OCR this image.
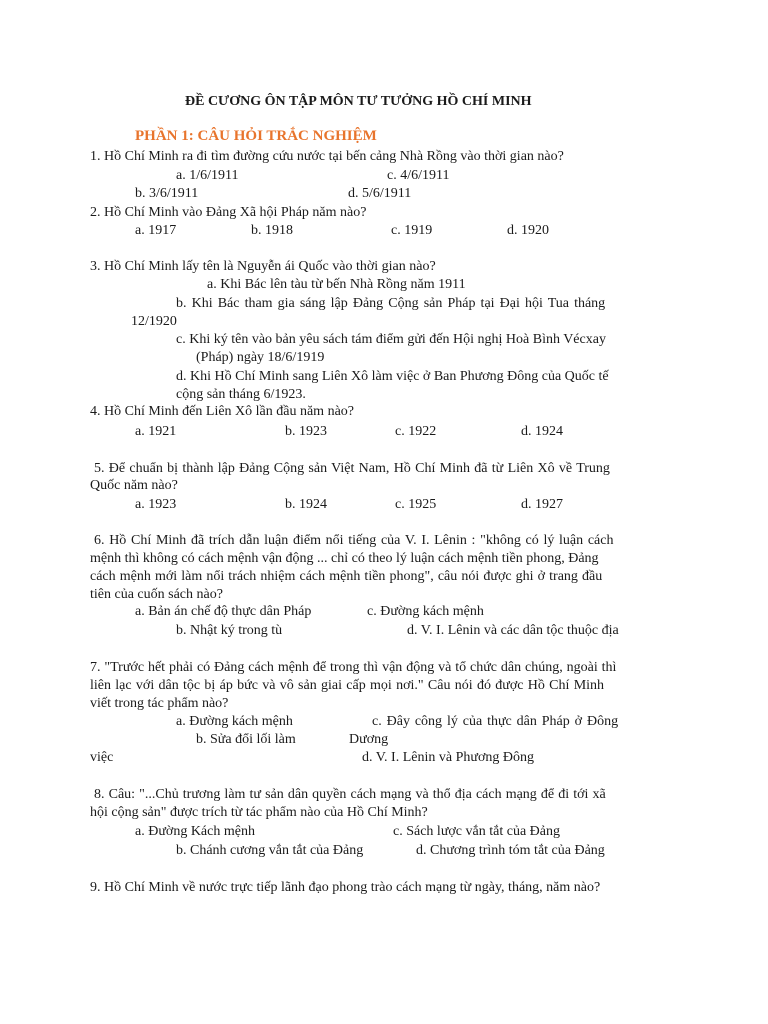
ĐỀ CƯƠNG ÔN TẬP MÔN TƯ TƯỞNG HỒ CHÍ MINH
PHẦN 1: CÂU HỎI TRẮC NGHIỆM
1. Hồ Chí Minh ra đi tìm đường cứu nước tại bến cảng Nhà Rồng vào thời gian nào?
a. 1/6/1911	c. 4/6/1911
b. 3/6/1911	d. 5/6/1911
2. Hồ Chí Minh vào Đảng Xã hội Pháp năm nào?
a. 1917	b. 1918	c. 1919	d. 1920
3. Hồ Chí Minh lấy tên là Nguyễn ái Quốc vào thời gian nào?
a. Khi Bác lên tàu từ bến Nhà Rồng năm 1911
b. Khi Bác tham gia sáng lập Đảng Cộng sản Pháp tại Đại hội Tua tháng
12/1920
c. Khi ký tên vào bản yêu sách tám điểm gửi đến Hội nghị Hoà Bình Vécxay
(Pháp) ngày 18/6/1919
d. Khi Hồ Chí Minh sang Liên Xô làm việc ở Ban Phương Đông của Quốc tế
cộng sản tháng 6/1923.
4. Hồ Chí Minh đến Liên Xô lần đầu năm nào?
a. 1921	b. 1923	c. 1922	d. 1924
5. Để chuẩn bị thành lập Đảng Cộng sản Việt Nam, Hồ Chí Minh đã từ Liên Xô về Trung
Quốc năm nào?
a. 1923	b. 1924	c. 1925	d. 1927
6. Hồ Chí Minh đã trích dẫn luận điểm nổi tiếng của V. I. Lênin : "không có lý luận cách
mệnh thì không có cách mệnh vận động ... chỉ có theo lý luận cách mệnh tiền phong, Đảng
cách mệnh mới làm nổi trách nhiệm cách mệnh tiền phong", câu nói được ghi ở trang đầu
tiên của cuốn sách nào?
a. Bản án chế độ thực dân Pháp	c. Đường kách mệnh
b. Nhật ký trong tù	d. V. I. Lênin và các dân tộc thuộc địa
7. "Trước hết phải có Đảng cách mệnh để trong thì vận động và tổ chức dân chúng, ngoài thì
liên lạc với dân tộc bị áp bức và vô sản giai cấp mọi nơi." Câu nói đó được Hồ Chí Minh
viết trong tác phẩm nào?
a. Đường kách mệnh	c. Đây công lý của thực dân Pháp ở Đông
b. Sửa đổi lối làm	Dương
việc	d. V. I. Lênin và Phương Đông
8. Câu: "...Chủ trương làm tư sản dân quyền cách mạng và thổ địa cách mạng để đi tới xã
hội cộng sản" được trích từ tác phẩm nào của Hồ Chí Minh?
a. Đường Kách mệnh	c. Sách lược vắn tắt của Đảng
b. Chánh cương vắn tắt của Đảng	d. Chương trình tóm tắt của Đảng
9. Hồ Chí Minh về nước trực tiếp lãnh đạo phong trào cách mạng từ ngày, tháng, năm nào?
